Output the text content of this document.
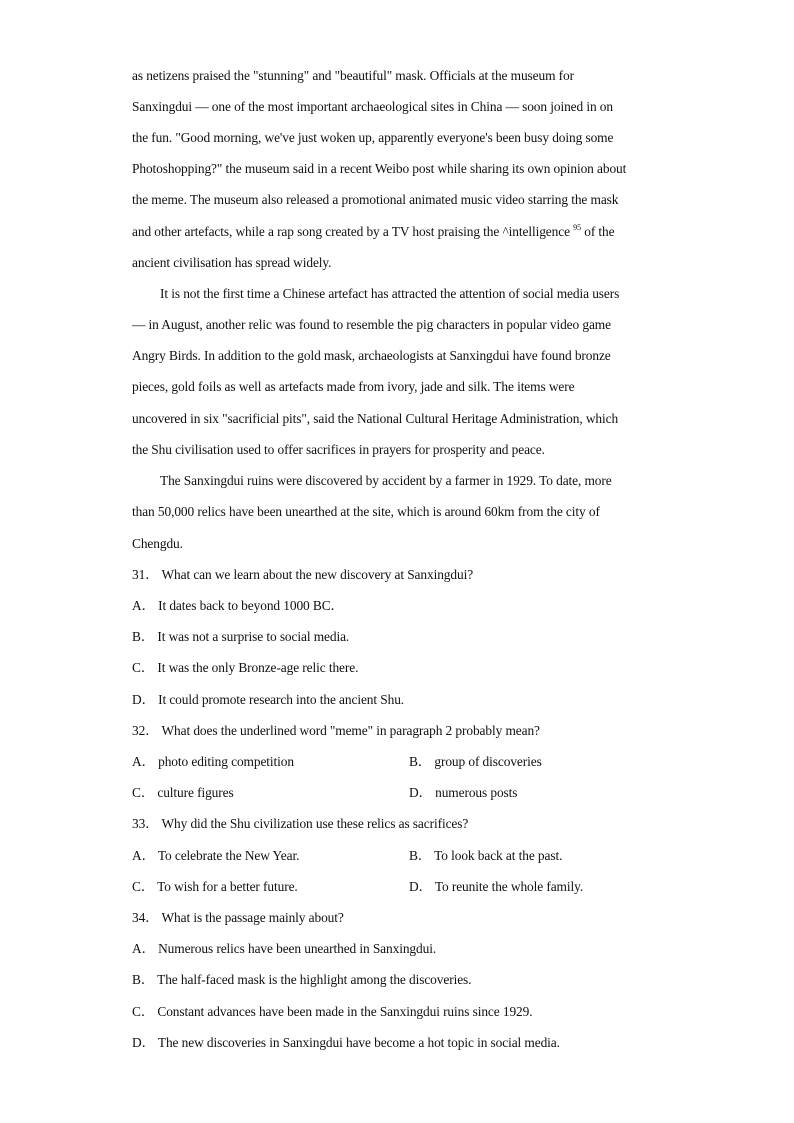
as netizens praised the "stunning" and "beautiful" mask. Officials at the museum for
Sanxingdui — one of the most important archaeological sites in China — soon joined in on
the fun. "Good morning, we've just woken up, apparently everyone's been busy doing some
Photoshopping?" the museum said in a recent Weibo post while sharing its own opinion about
the meme. The museum also released a promotional animated music video starring the mask
and other artefacts, while a rap song created by a TV host praising the ^intelligence $^{95}$ of the
ancient civilisation has spread widely.
It is not the first time a Chinese artefact has attracted the attention of social media users
— in August, another relic was found to resemble the pig characters in popular video game
Angry Birds. In addition to the gold mask, archaeologists at Sanxingdui have found bronze
pieces, gold foils as well as artefacts made from ivory, jade and silk. The items were
uncovered in six "sacrificial pits", said the National Cultural Heritage Administration, which
the Shu civilisation used to offer sacrifices in prayers for prosperity and peace.
The Sanxingdui ruins were discovered by accident by a farmer in 1929. To date, more
than 50,000 relics have been unearthed at the site, which is around 60km from the city of
Chengdu.
31． What can we learn about the new discovery at Sanxingdui?
A． It dates back to beyond 1000 BC．
B． It was not a surprise to social media.
C． It was the only Bronze-age relic there.
D． It could promote research into the ancient Shu.
32． What does the underlined word "meme" in paragraph 2 probably mean?
A． photo editing competition	B． group of discoveries
C． culture figures	D． numerous posts
33． Why did the Shu civilization use these relics as sacrifices?
A． To celebrate the New Year.	B． To look back at the past.
C． To wish for a better future.	D． To reunite the whole family.
34． What is the passage mainly about?
A． Numerous relics have been unearthed in Sanxingdui.
B． The half-faced mask is the highlight among the discoveries.
C． Constant advances have been made in the Sanxingdui ruins since 1929.
D． The new discoveries in Sanxingdui have become a hot topic in social media.
